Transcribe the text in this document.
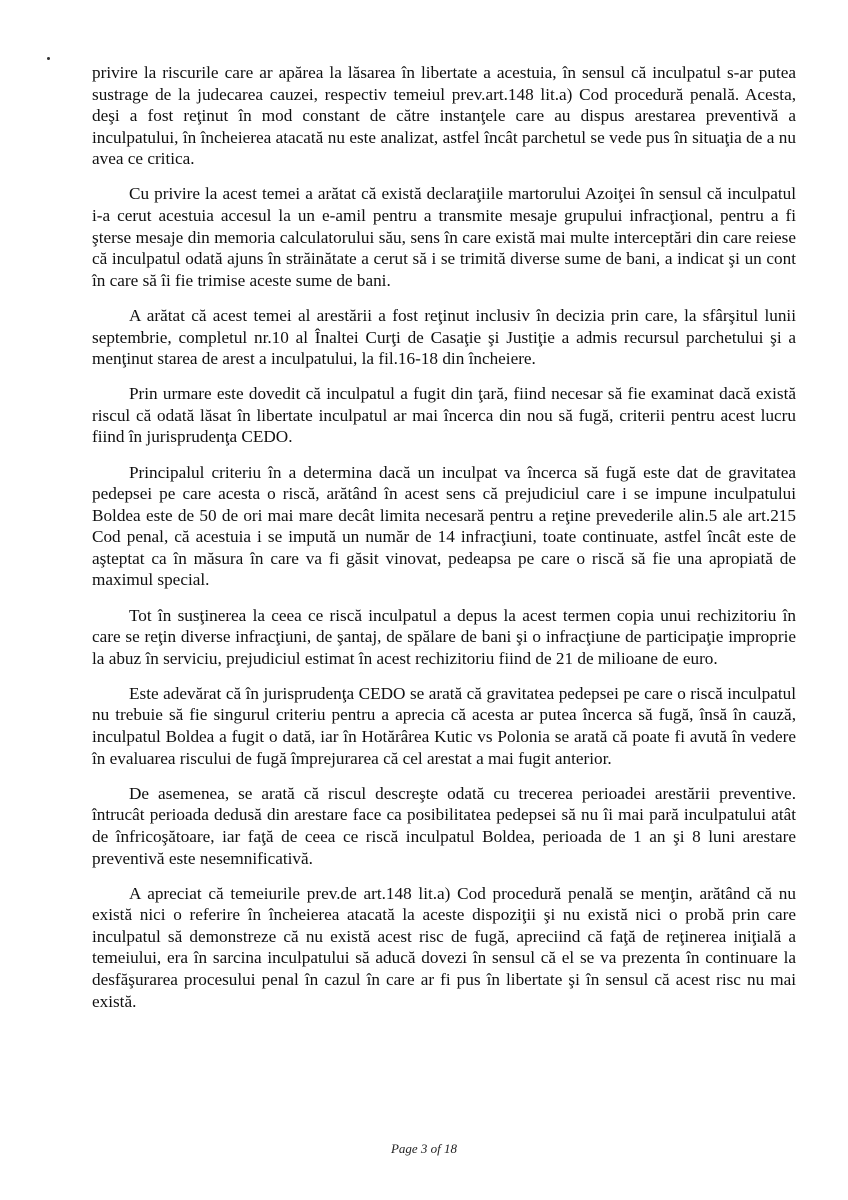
privire la riscurile care ar apărea la lăsarea în libertate a acestuia, în sensul că inculpatul s-ar putea sustrage de la judecarea cauzei, respectiv temeiul prev.art.148 lit.a) Cod procedură penală. Acesta, deşi a fost reţinut în mod constant de către instanţele care au dispus arestarea preventivă a inculpatului, în încheierea atacată nu este analizat, astfel încât parchetul se vede pus în situaţia de a nu avea ce critica.

Cu privire la acest temei a arătat că există declaraţiile martorului Azoiţei în sensul că inculpatul i-a cerut acestuia accesul la un e-amil pentru a transmite mesaje grupului infracţional, pentru a fi şterse mesaje din memoria calculatorului său, sens în care există mai multe interceptări din care reiese că inculpatul odată ajuns în străinătate a cerut să i se trimită diverse sume de bani, a indicat şi un cont în care să îi fie trimise aceste sume de bani.

A arătat că acest temei al arestării a fost reţinut inclusiv în decizia prin care, la sfârşitul lunii septembrie, completul nr.10 al Înaltei Curţi de Casaţie şi Justiţie a admis recursul parchetului şi a menţinut starea de arest a inculpatului, la fil.16-18 din încheiere.

Prin urmare este dovedit că inculpatul a fugit din ţară, fiind necesar să fie examinat dacă există riscul că odată lăsat în libertate inculpatul ar mai încerca din nou să fugă, criterii pentru acest lucru fiind în jurisprudenţa CEDO.

Principalul criteriu în a determina dacă un inculpat va încerca să fugă este dat de gravitatea pedepsei pe care acesta o riscă, arătând în acest sens că prejudiciul care i se impune inculpatului Boldea este de 50 de ori mai mare decât limita necesară pentru a reţine prevederile alin.5 ale art.215 Cod penal, că acestuia i se impută un număr de 14 infracţiuni, toate continuate, astfel încât este de aşteptat ca în măsura în care va fi găsit vinovat, pedeapsa pe care o riscă să fie una apropiată de maximul special.

Tot în susţinerea la ceea ce riscă inculpatul a depus la acest termen copia unui rechizitoriu în care se reţin diverse infracţiuni, de şantaj, de spălare de bani şi o infracţiune de participaţie improprie la abuz în serviciu, prejudiciul estimat în acest rechizitoriu fiind de 21 de milioane de euro.

Este adevărat că în jurisprudenţa CEDO se arată că gravitatea pedepsei pe care o riscă inculpatul nu trebuie să fie singurul criteriu pentru a aprecia că acesta ar putea încerca să fugă, însă în cauză, inculpatul Boldea a fugit o dată, iar în Hotărârea Kutic vs Polonia se arată că poate fi avută în vedere în evaluarea riscului de fugă împrejurarea că cel arestat a mai fugit anterior.

De asemenea, se arată că riscul descreşte odată cu trecerea perioadei arestării preventive. întrucât perioada dedusă din arestare face ca posibilitatea pedepsei să nu îi mai pară inculpatului atât de înfricoşătoare, iar faţă de ceea ce riscă inculpatul Boldea, perioada de 1 an şi 8 luni arestare preventivă este nesemnificativă.

A apreciat că temeiurile prev.de art.148 lit.a) Cod procedură penală se menţin, arătând că nu există nici o referire în încheierea atacată la aceste dispoziţii şi nu există nici o probă prin care inculpatul să demonstreze că nu există acest risc de fugă, apreciind că faţă de reţinerea iniţială a temeiului, era în sarcina inculpatului să aducă dovezi în sensul că el se va prezenta în continuare la desfăşurarea procesului penal în cazul în care ar fi pus în libertate şi în sensul că acest risc nu mai există.

Page 3 of 18
